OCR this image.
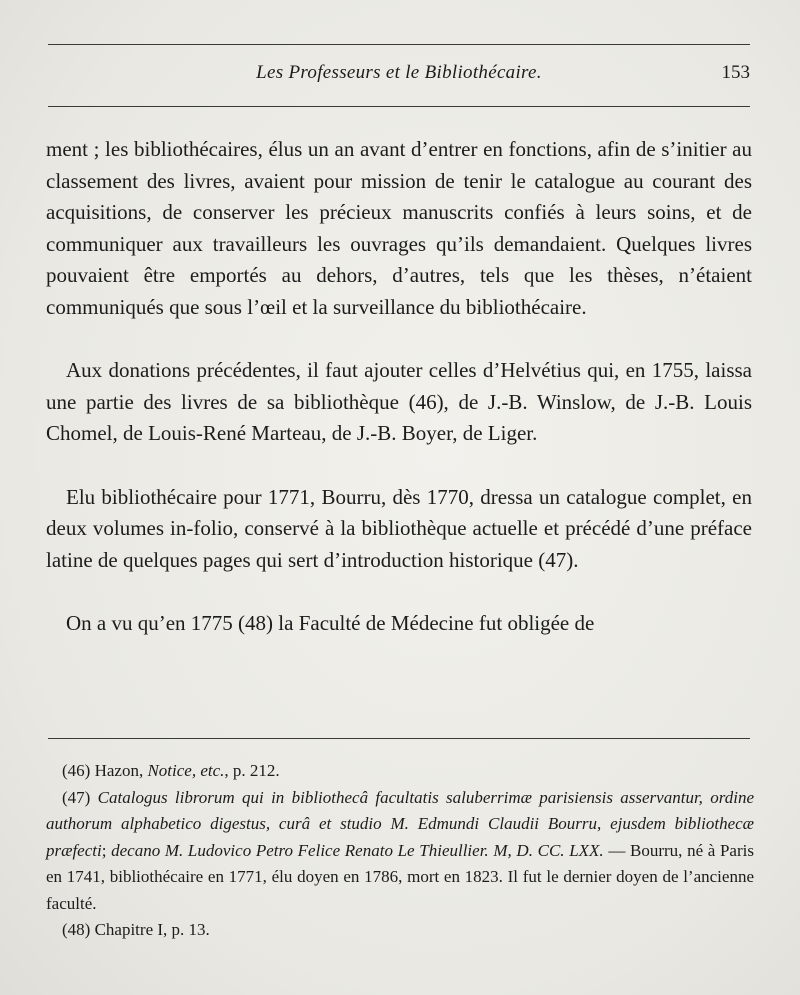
Les Professeurs et le Bibliothécaire.	153

ment ; les bibliothécaires, élus un an avant d’entrer en fonctions, afin de s’initier au classement des livres, avaient pour mission de tenir le catalogue au courant des acquisitions, de conserver les précieux manuscrits confiés à leurs soins, et de communiquer aux travailleurs les ouvrages qu’ils demandaient. Quelques livres pouvaient être emportés au dehors, d’autres, tels que les thèses, n’étaient communiqués que sous l’œil et la surveillance du bibliothécaire.

Aux donations précédentes, il faut ajouter celles d’Helvétius qui, en 1755, laissa une partie des livres de sa bibliothèque (46), de J.-B. Winslow, de J.-B. Louis Chomel, de Louis-René Marteau, de J.-B. Boyer, de Liger.

Elu bibliothécaire pour 1771, Bourru, dès 1770, dressa un catalogue complet, en deux volumes in-folio, conservé à la bibliothèque actuelle et précédé d’une préface latine de quelques pages qui sert d’introduction historique (47).

On a vu qu’en 1775 (48) la Faculté de Médecine fut obligée de

(46) Hazon, Notice, etc., p. 212.

(47) Catalogus librorum qui in bibliothecâ facultatis saluberrimæ parisiensis asservantur, ordine authorum alphabetico digestus, curâ et studio M. Edmundi Claudii Bourru, ejusdem bibliothecæ præfecti; decano M. Ludovico Petro Felice Renato Le Thieullier. M, D. CC. LXX. — Bourru, né à Paris en 1741, bibliothécaire en 1771, élu doyen en 1786, mort en 1823. Il fut le dernier doyen de l’ancienne faculté.

(48) Chapitre I, p. 13.
